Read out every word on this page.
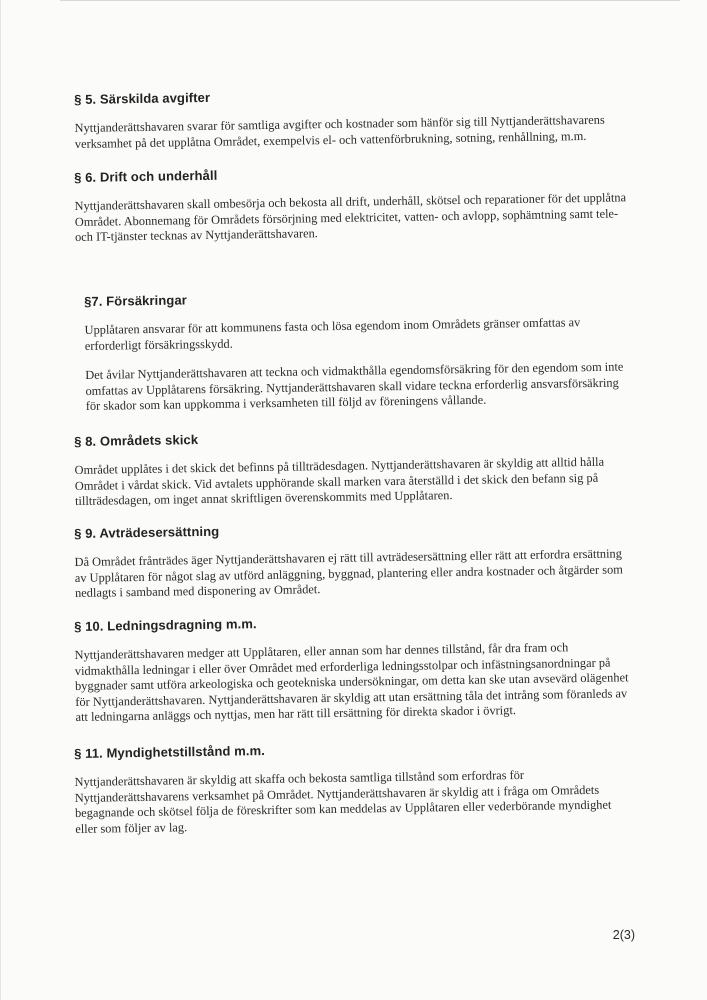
§ 5. Särskilda avgifter

Nyttjanderättshavaren svarar för samtliga avgifter och kostnader som hänför sig till Nyttjanderättshavarens verksamhet på det upplåtna Området, exempelvis el- och vattenförbrukning, sotning, renhållning, m.m.

§ 6. Drift och underhåll

Nyttjanderättshavaren skall ombesörja och bekosta all drift, underhåll, skötsel och reparationer för det upplåtna Området. Abonnemang för Områdets försörjning med elektricitet, vatten- och avlopp, sophämtning samt tele- och IT-tjänster tecknas av Nyttjanderättshavaren.

§7. Försäkringar

Upplåtaren ansvarar för att kommunens fasta och lösa egendom inom Områdets gränser omfattas av erforderligt försäkringsskydd.

Det åvilar Nyttjanderättshavaren att teckna och vidmakthålla egendomsförsäkring för den egendom som inte omfattas av Upplåtarens försäkring. Nyttjanderättshavaren skall vidare teckna erforderlig ansvarsförsäkring för skador som kan uppkomma i verksamheten till följd av föreningens vållande.

§ 8. Områdets skick

Området upplåtes i det skick det befinns på tillträdesdagen. Nyttjanderättshavaren är skyldig att alltid hålla Området i vårdat skick. Vid avtalets upphörande skall marken vara återställd i det skick den befann sig på tillträdesdagen, om inget annat skriftligen överenskommits med Upplåtaren.

§ 9. Avträdesersättning

Då Området frånträdes äger Nyttjanderättshavaren ej rätt till avträdesersättning eller rätt att erfordra ersättning av Upplåtaren för något slag av utförd anläggning, byggnad, plantering eller andra kostnader och åtgärder som nedlagts i samband med disponering av Området.

§ 10. Ledningsdragning m.m.

Nyttjanderättshavaren medger att Upplåtaren, eller annan som har dennes tillstånd, får dra fram och vidmakthålla ledningar i eller över Området med erforderliga ledningsstolpar och infästningsanordningar på byggnader samt utföra arkeologiska och geotekniska undersökningar, om detta kan ske utan avsevärd olägenhet för Nyttjanderättshavaren. Nyttjanderättshavaren är skyldig att utan ersättning tåla det intrång som föranleds av att ledningarna anläggs och nyttjas, men har rätt till ersättning för direkta skador i övrigt.

§ 11. Myndighetstillstånd m.m.

Nyttjanderättshavaren är skyldig att skaffa och bekosta samtliga tillstånd som erfordras för Nyttjanderättshavarens verksamhet på Området. Nyttjanderättshavaren är skyldig att i fråga om Områdets begagnande och skötsel följa de föreskrifter som kan meddelas av Upplåtaren eller vederbörande myndighet eller som följer av lag.

2(3)
